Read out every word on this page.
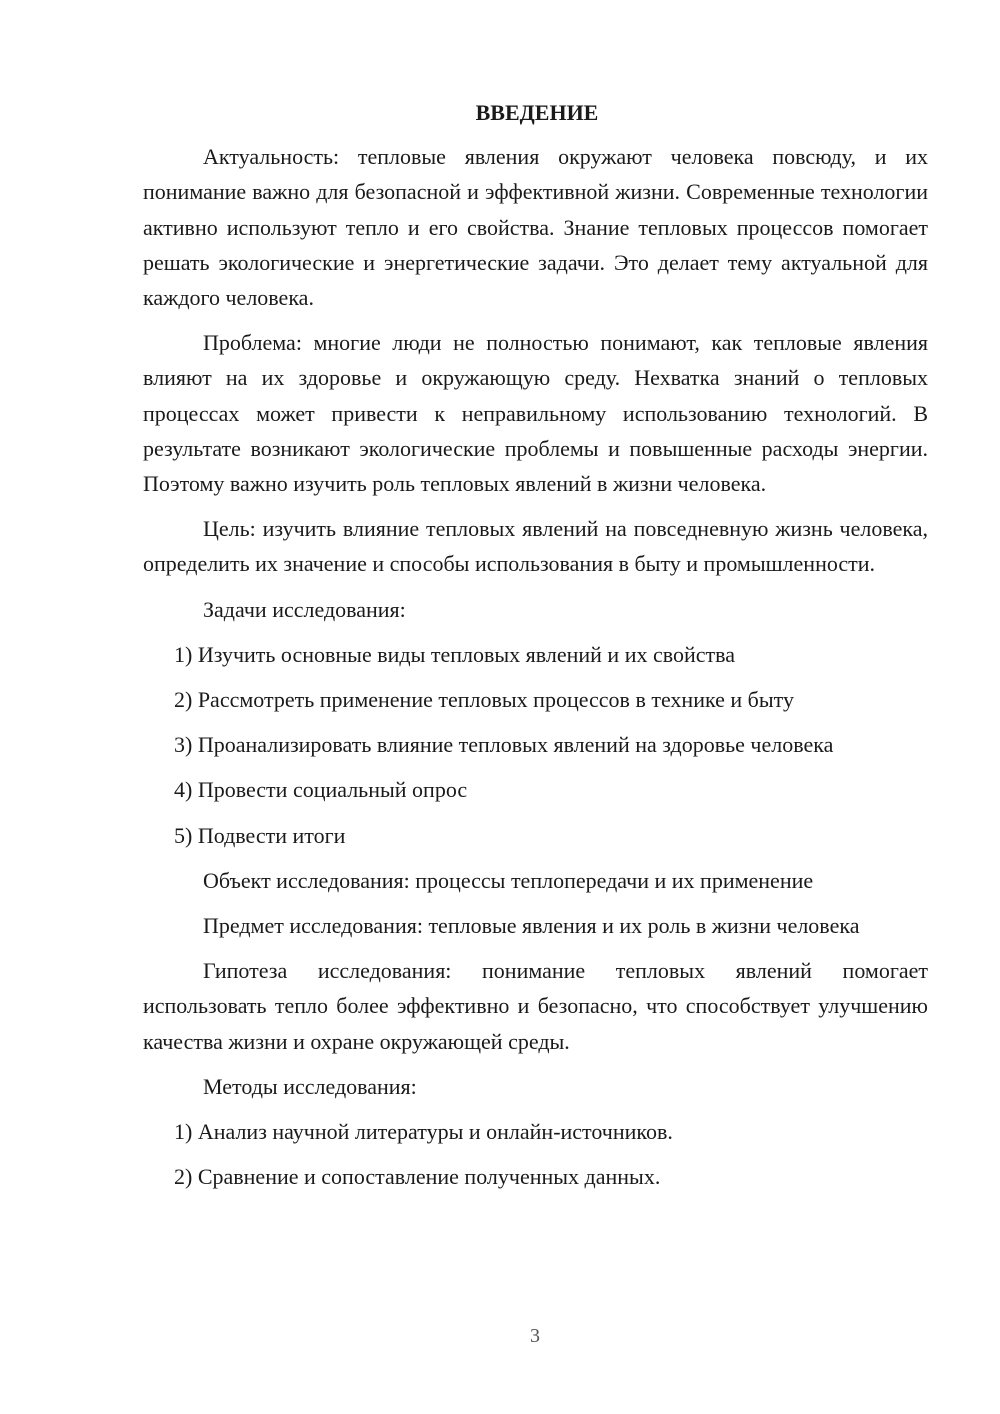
ВВЕДЕНИЕ

Актуальность: тепловые явления окружают человека повсюду, и их понимание важно для безопасной и эффективной жизни. Современные технологии активно используют тепло и его свойства. Знание тепловых процессов помогает решать экологические и энергетические задачи. Это делает тему актуальной для каждого человека.

Проблема: многие люди не полностью понимают, как тепловые явления влияют на их здоровье и окружающую среду. Нехватка знаний о тепловых процессах может привести к неправильному использованию технологий. В результате возникают экологические проблемы и повышенные расходы энергии. Поэтому важно изучить роль тепловых явлений в жизни человека.

Цель: изучить влияние тепловых явлений на повседневную жизнь человека, определить их значение и способы использования в быту и промышленности.

Задачи исследования:

1) Изучить основные виды тепловых явлений и их свойства
2) Рассмотреть применение тепловых процессов в технике и быту
3) Проанализировать влияние тепловых явлений на здоровье человека
4) Провести социальный опрос
5) Подвести итоги

Объект исследования: процессы теплопередачи и их применение

Предмет исследования: тепловые явления и их роль в жизни человека

Гипотеза исследования: понимание тепловых явлений помогает использовать тепло более эффективно и безопасно, что способствует улучшению качества жизни и охране окружающей среды.

Методы исследования:

1) Анализ научной литературы и онлайн-источников.
2) Сравнение и сопоставление полученных данных.
3
